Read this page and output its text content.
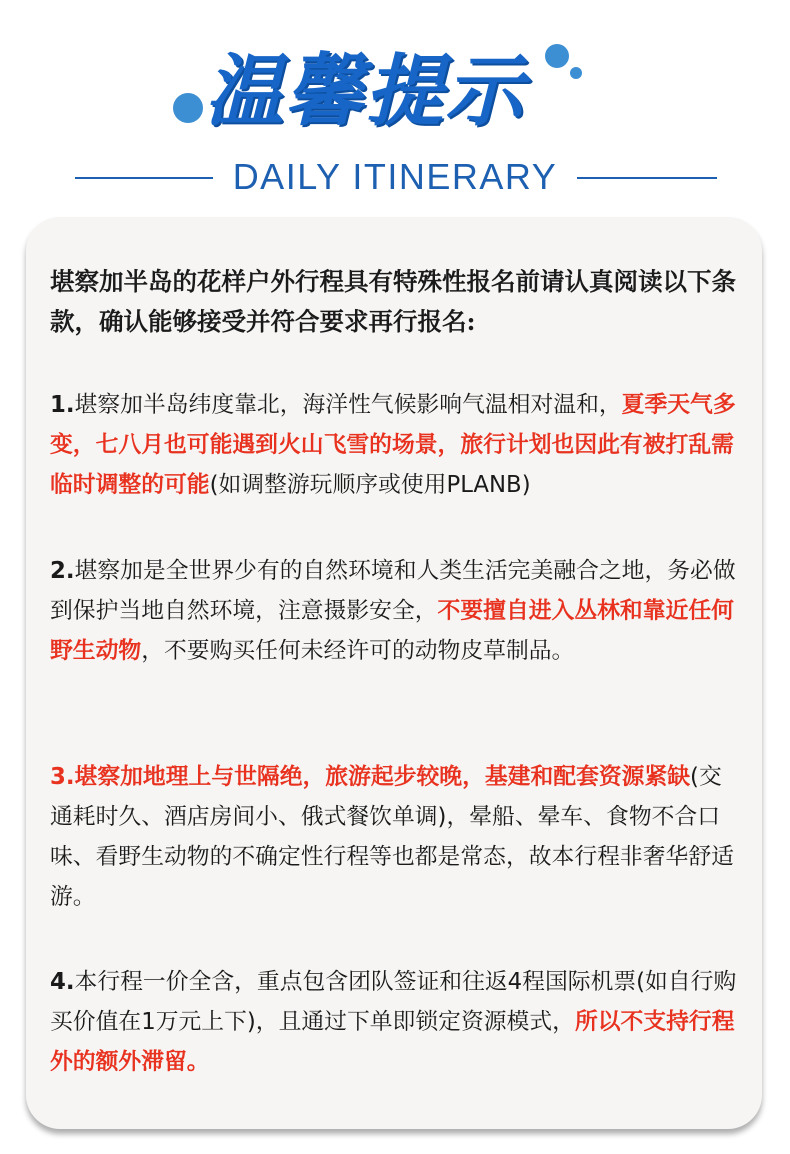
温馨提示
DAILY ITINERARY
堪察加半岛的花样户外行程具有特殊性报名前请认真阅读以下条款，确认能够接受并符合要求再行报名:
1.堪察加半岛纬度靠北，海洋性气候影响气温相对温和，夏季天气多变，七八月也可能遇到火山飞雪的场景，旅行计划也因此有被打乱需临时调整的可能(如调整游玩顺序或使用PLANB)
2.堪察加是全世界少有的自然环境和人类生活完美融合之地，务必做到保护当地自然环境，注意摄影安全，不要擅自进入丛林和靠近任何野生动物，不要购买任何未经许可的动物皮草制品。
3.堪察加地理上与世隔绝，旅游起步较晚，基建和配套资源紧缺(交通耗时久、酒店房间小、俄式餐饮单调)，晕船、晕车、食物不合口味、看野生动物的不确定性行程等也都是常态，故本行程非奢华舒适游。
4.本行程一价全含，重点包含团队签证和往返4程国际机票(如自行购买价值在1万元上下)，且通过下单即锁定资源模式，所以不支持行程外的额外滞留。
